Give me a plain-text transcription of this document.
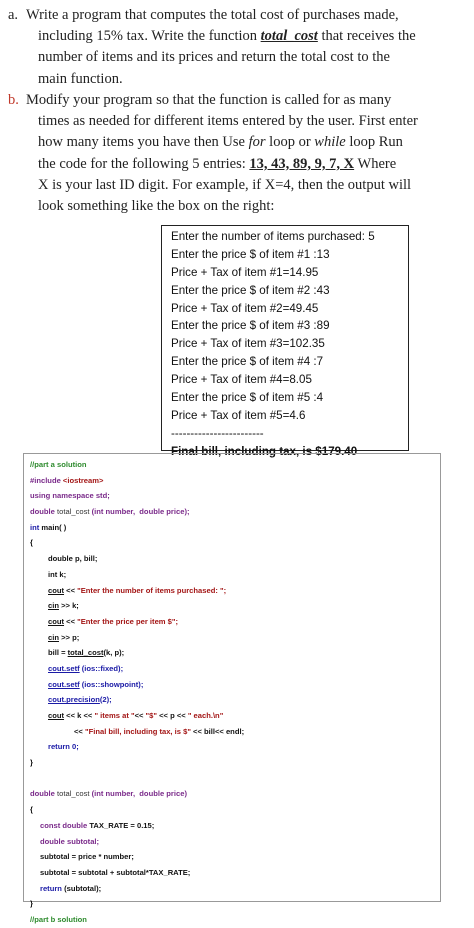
a. Write a program that computes the total cost of purchases made,
including 15% tax. Write the function total_cost that receives the
number of items and its prices and return the total cost to the
main function.
b. Modify your program so that the function is called for as many
times as needed for different items entered by the user. First enter
how many items you have then Use for loop or while loop Run
the code for the following 5 entries: 13, 43, 89, 9, 7, X Where
X is your last ID digit. For example, if X=4, then the output will
look something like the box on the right:
Enter the number of items purchased: 5
Enter the price $ of item #1 :13
Price + Tax of item #1=14.95
Enter the price $ of item #2 :43
Price + Tax of item #2=49.45
Enter the price $ of item #3 :89
Price + Tax of item #3=102.35
Enter the price $ of item #4 :7
Price + Tax of item #4=8.05
Enter the price $ of item #5 :4
Price + Tax of item #5=4.6
------------------------
Final bill, including tax, is $179.40
//part a solution
#include <iostream>
using namespace std;
double total_cost (int number,  double price);
int main( )
{
double p, bill;
int k;
cout << "Enter the number of items purchased: ";
cin >> k;
cout << "Enter the price per item $";
cin >> p;
bill = total_cost(k, p);
cout.setf (ios::fixed);
cout.setf (ios::showpoint);
cout.precision(2);
cout << k << " items at "<< "$" << p << " each.\n"
<< "Final bill, including tax, is $" << bill<< endl;
return 0;
}

double total_cost (int number,  double price)
{
const double TAX_RATE = 0.15;
double subtotal;
subtotal = price * number;
subtotal = subtotal + subtotal*TAX_RATE;
return (subtotal);
}
//part b solution
